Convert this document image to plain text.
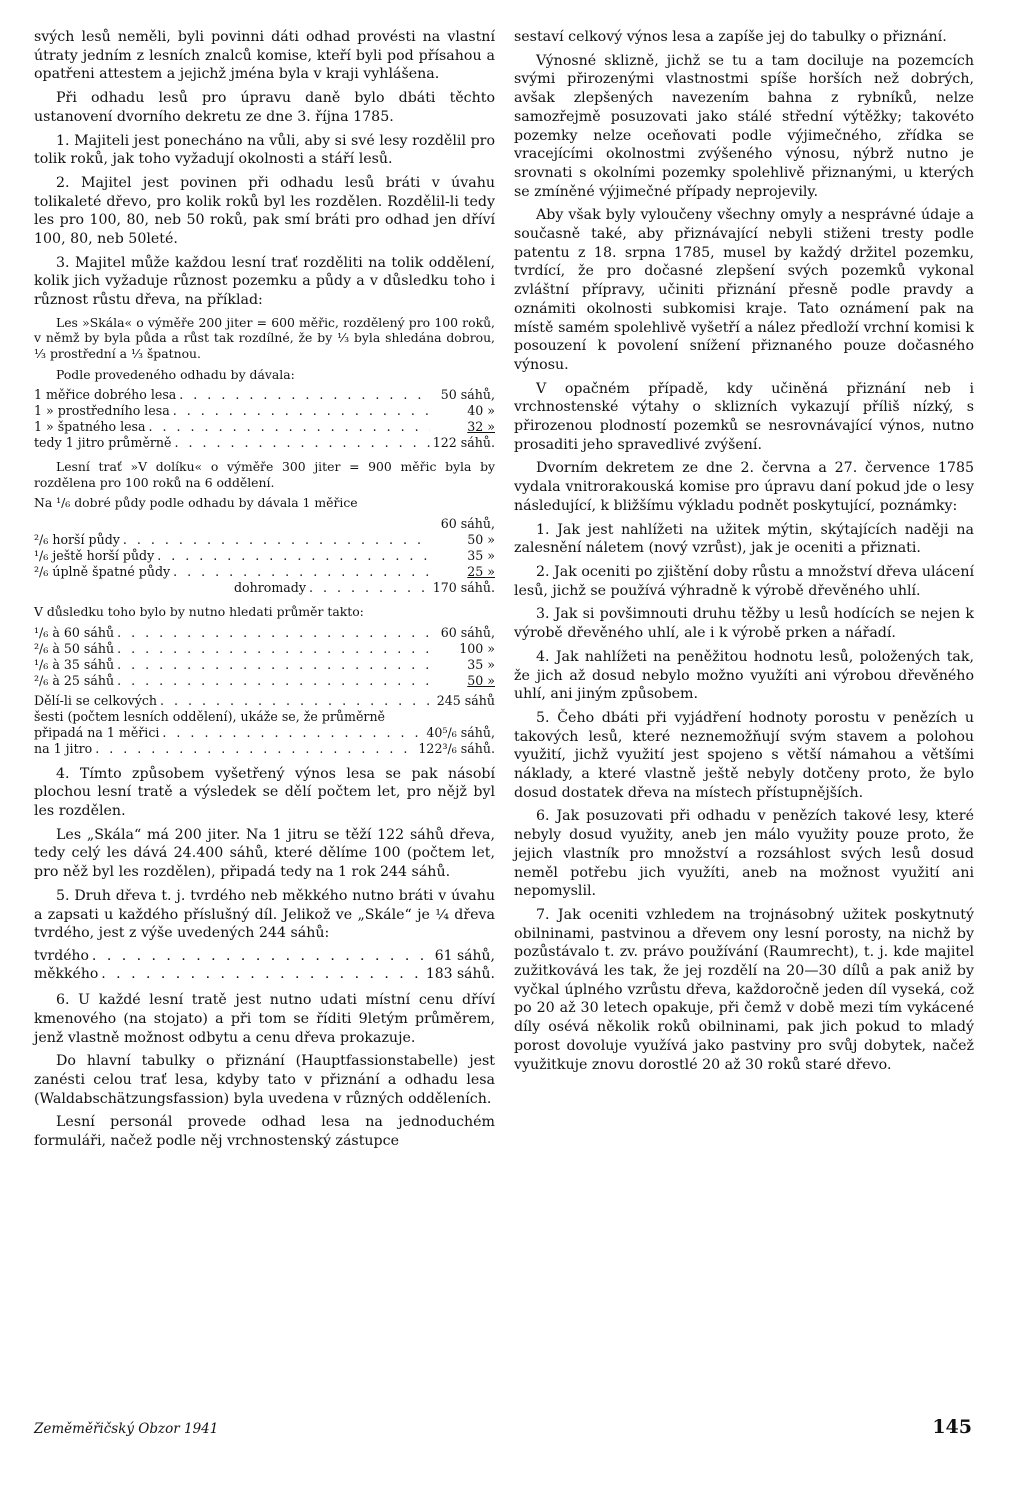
svých lesů neměli, byli povinni dáti odhad provésti na vlastní útraty jedním z lesních znalců komise, kteří byli pod přísahou a opatřeni attestem a jejichž jména byla v kraji vyhlášena.

Při odhadu lesů pro úpravu daně bylo dbáti těchto ustanovení dvorního dekretu ze dne 3. října 1785.

1. Majiteli jest ponecháno na vůli, aby si své lesy rozdělil pro tolik roků, jak toho vyžadují okolnosti a stáří lesů.

2. Majitel jest povinen při odhadu lesů bráti v úvahu tolikaleté dřevo, pro kolik roků byl les rozdělen. Rozdělil-li tedy les pro 100, 80, neb 50 roků, pak smí bráti pro odhad jen dříví 100, 80, neb 50leté.

3. Majitel může každou lesní trať rozděliti na tolik oddělení, kolik jich vyžaduje různost pozemku a půdy a v důsledku toho i různost růstu dřeva, na příklad:

Les »Skála« o výměře 200 jiter = 600 měřic, rozdělený pro 100 roků, v němž by byla půda a růst tak rozdílné, že by ⅓ byla shledána dobrou, ⅓ prostřední a ⅓ špatnou.

Podle provedeného odhadu by dávala:

1 měřice dobrého lesa . . .	50 sáhů,
1 » prostředního lesa . . .	40 »
1 » špatného lesa . . .	32 »
tedy 1 jitro průměrně . . .	122 sáhů.

Lesní trať »V dolíku« o výměře 300 jiter = 900 měřic byla by rozdělena pro 100 roků na 6 oddělení.

Na ¹/₆ dobré půdy podle odhadu by dávala 1 měřice

60 sáhů,
²/₆ horší půdy . . .	50 »
¹/₆ ještě horší půdy . . .	35 »
²/₆ úplně špatné půdy . . .	25 »
dohromady . . .	170 sáhů.

V důsledku toho bylo by nutno hledati průměr takto:

¹/₆ à 60 sáhů . . .	60 sáhů,
²/₆ à 50 sáhů . . .	100 »
¹/₆ à 35 sáhů . . .	35 »
²/₆ à 25 sáhů . . .	50 »
Dělí-li se celkových . . .	245 sáhů
šesti (počtem lesních oddělení), ukáže se, že průměrně
připadá na 1 měřici . . .	40⁵/₆ sáhů,
na 1 jitro . . .	122³/₆ sáhů.

4. Tímto způsobem vyšetřený výnos lesa se pak násobí plochou lesní tratě a výsledek se dělí počtem let, pro nějž byl les rozdělen.

Les „Skála“ má 200 jiter. Na 1 jitru se těží 122 sáhů dřeva, tedy celý les dává 24.400 sáhů, které dělíme 100 (počtem let, pro něž byl les rozdělen), připadá tedy na 1 rok 244 sáhů.

5. Druh dřeva t. j. tvrdého neb měkkého nutno bráti v úvahu a zapsati u každého příslušný díl. Jelikož ve „Skále“ je ¼ dřeva tvrdého, jest z výše uvedených 244 sáhů:

tvrdého . . .	61 sáhů,
měkkého . . .	183 sáhů.

6. U každé lesní tratě jest nutno udati místní cenu dříví kmenového (na stojato) a při tom se říditi 9letým průměrem, jenž vlastně možnost odbytu a cenu dřeva prokazuje.

Do hlavní tabulky o přiznání (Hauptfassionstabelle) jest zanésti celou trať lesa, kdyby tato v přiznání a odhadu lesa (Waldabschätzungsfassion) byla uvedena v různých odděleních.

Lesní personál provede odhad lesa na jednoduchém formuláři, načež podle něj vrchnostenský zástupce

sestaví celkový výnos lesa a zapíše jej do tabulky o přiznání.

Výnosné sklizně, jichž se tu a tam dociluje na pozemcích svými přirozenými vlastnostmi spíše horších než dobrých, avšak zlepšených navezením bahna z rybníků, nelze samozřejmě posuzovati jako stálé střední výtěžky; takovéto pozemky nelze oceňovati podle výjimečného, zřídka se vracejícími okolnostmi zvýšeného výnosu, nýbrž nutno je srovnati s okolními pozemky spolehlivě přiznanými, u kterých se zmíněné výjimečné případy neprojevily.

Aby však byly vyloučeny všechny omyly a nesprávné údaje a současně také, aby přiznávající nebyli stiženi tresty podle patentu z 18. srpna 1785, musel by každý držitel pozemku, tvrdící, že pro dočasné zlepšení svých pozemků vykonal zvláštní přípravy, učiniti přiznání přesně podle pravdy a oznámiti okolnosti subkomisi kraje. Tato oznámení pak na místě samém spolehlivě vyšetří a nález předloží vrchní komisi k posouzení k povolení snížení přiznaného pouze dočasného výnosu.

V opačném případě, kdy učiněná přiznání neb i vrchnostenské výtahy o sklizních vykazují příliš nízký, s přirozenou plodností pozemků se nesrovnávající výnos, nutno prosaditi jeho spravedlivé zvýšení.

Dvorním dekretem ze dne 2. června a 27. července 1785 vydala vnitrorakouská komise pro úpravu daní pokud jde o lesy následující, k bližšímu výkladu podnět poskytující, poznámky:

1. Jak jest nahlížeti na užitek mýtin, skýtajících naději na zalesnění náletem (nový vzrůst), jak je oceniti a přiznati.

2. Jak oceniti po zjištění doby růstu a množství dřeva ulácení lesů, jichž se používá výhradně k výrobě dřevěného uhlí.

3. Jak si povšimnouti druhu těžby u lesů hodících se nejen k výrobě dřevěného uhlí, ale i k výrobě prken a nářadí.

4. Jak nahlížeti na peněžitou hodnotu lesů, položených tak, že jich až dosud nebylo možno využíti ani výrobou dřevěného uhlí, ani jiným způsobem.

5. Čeho dbáti při vyjádření hodnoty porostu v penězích u takových lesů, které neznemožňují svým stavem a polohou využití, jichž využití jest spojeno s větší námahou a většími náklady, a které vlastně ještě nebyly dotčeny proto, že bylo dosud dostatek dřeva na místech přístupnějších.

6. Jak posuzovati při odhadu v penězích takové lesy, které nebyly dosud využity, aneb jen málo využity pouze proto, že jejich vlastník pro množství a rozsáhlost svých lesů dosud neměl potřebu jich využíti, aneb na možnost využití ani nepomyslil.

7. Jak oceniti vzhledem na trojnásobný užitek poskytnutý obilninami, pastvinou a dřevem ony lesní porosty, na nichž by pozůstávalo t. zv. právo používání (Raumrecht), t. j. kde majitel zužitkovává les tak, že jej rozdělí na 20—30 dílů a pak aniž by vyčkal úplného vzrůstu dřeva, každoročně jeden díl vyseká, což po 20 až 30 letech opakuje, při čemž v době mezi tím vykácené díly osévá několik roků obilninami, pak jich pokud to mladý porost dovoluje využívá jako pastviny pro svůj dobytek, načež využitkuje znovu dorostlé 20 až 30 roků staré dřevo.

Zeměměřičský Obzor 1941	145
